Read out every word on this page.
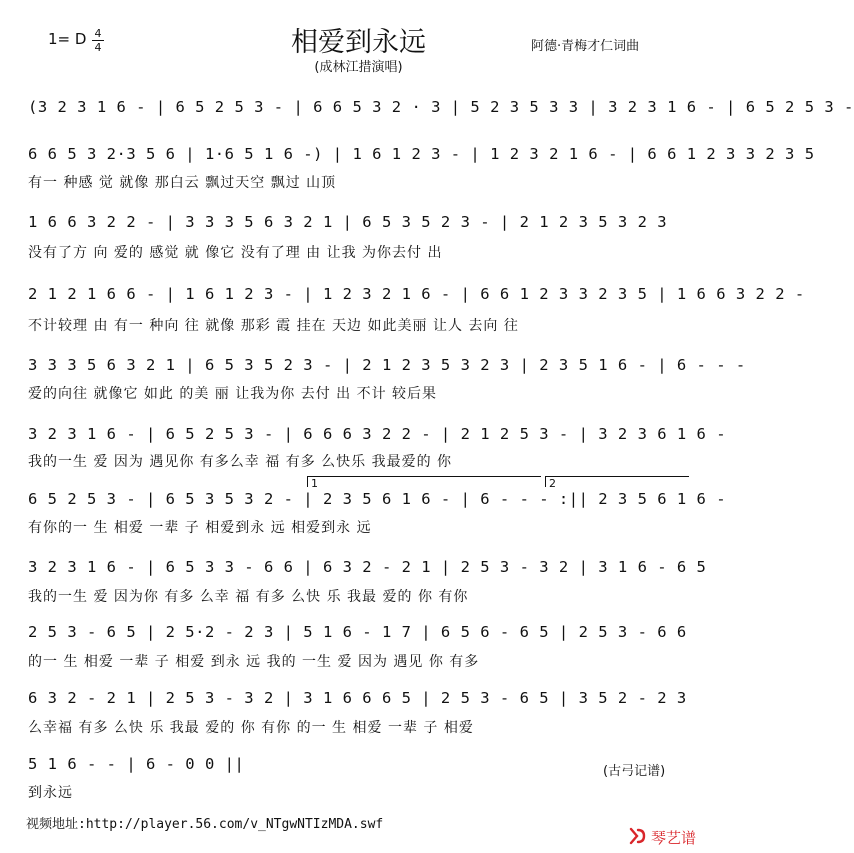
1= D 4
4	相爱到永远
(成林江措演唱)
阿德·青梅才仁词曲
(3 2 3 1 6 - | 6 5 2 5 3 - | 6 6 5 3 2 · 3 | 5 2 3 5 3 3 | 3 2 3 1 6 - | 6 5 2 5 3 -
6 6 5 3 2·3 5 6 | 1·6 5 1 6 -) | 1 6 1 2 3 - | 1 2 3 2 1 6 - | 6 6 1 2 3 3 2 3 5
有一 种感 觉 就像 那白云 飘过天空 飘过 山顶
1 6 6 3 2 2 - | 3 3 3 5 6 3 2 1 | 6 5 3 5 2 3 - | 2 1 2 3 5 3 2 3
没有了方 向 爱的 感觉 就 像它 没有了理 由 让我 为你去付 出
2 1 2 1 6 6 - | 1 6 1 2 3 - | 1 2 3 2 1 6 - | 6 6 1 2 3 3 2 3 5 | 1 6 6 3 2 2 -
不计较理 由 有一 种向 往 就像 那彩 霞 挂在 天边 如此美丽 让人 去向 往
3 3 3 5 6 3 2 1 | 6 5 3 5 2 3 - | 2 1 2 3 5 3 2 3 | 2 3 5 1 6 - | 6 - - -
爱的向往 就像它 如此 的美 丽 让我为你 去付 出 不计 较后果
3 2 3 1 6 - | 6 5 2 5 3 - | 6 6 6 3 2 2 - | 2 1 2 5 3 - | 3 2 3 6 1 6 -
我的一生 爱 因为 遇见你 有多么幸 福 有多 么快乐 我最爱的 你
1	2
6 5 2 5 3 - | 6 5 3 5 3 2 - | 2 3 5 6 1 6 - | 6 - - - :|| 2 3 5 6 1 6 -
有你的一 生 相爱 一辈 子 相爱到永 远 相爱到永 远
3 2 3 1 6 - | 6 5 3 3 - 6 6 | 6 3 2 - 2 1 | 2 5 3 - 3 2 | 3 1 6 - 6 5
我的一生 爱 因为你 有多 么幸 福 有多 么快 乐 我最 爱的 你 有你
2 5 3 - 6 5 | 2 5·2 - 2 3 | 5 1 6 - 1 7 | 6 5 6 - 6 5 | 2 5 3 - 6 6
的一 生 相爱 一辈 子 相爱 到永 远 我的 一生 爱 因为 遇见 你 有多
6 3 2 - 2 1 | 2 5 3 - 3 2 | 3 1 6 6 6 5 | 2 5 3 - 6 5 | 3 5 2 - 2 3
么幸福 有多 么快 乐 我最 爱的 你 有你 的一 生 相爱 一辈 子 相爱
5 1 6 - - | 6 - 0 0 ||
到永远
(古弓记谱)
视频地址:http://player.56.com/v_NTgwNTIzMDA.swf
琴艺谱
